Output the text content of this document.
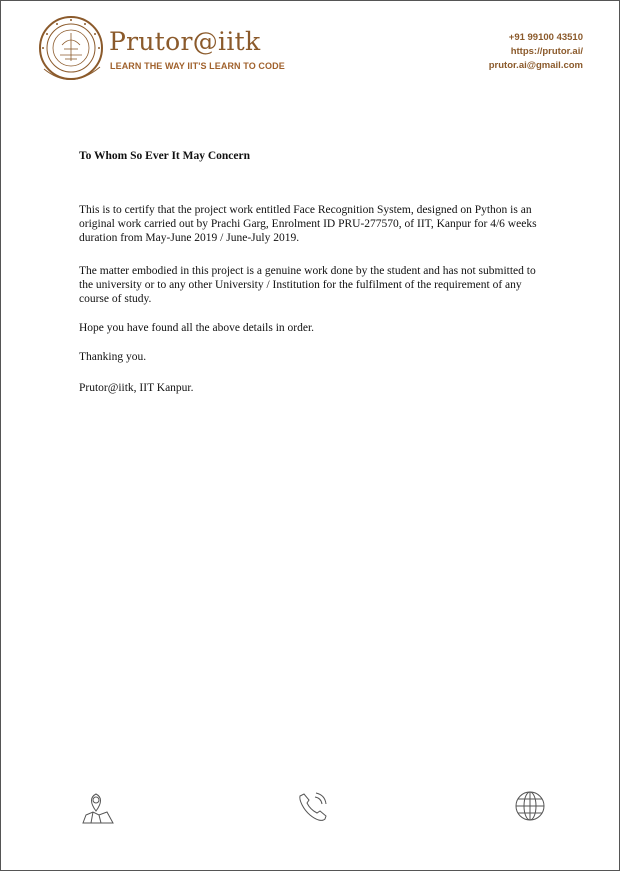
Prutor@iitk
LEARN THE WAY IIT'S LEARN TO CODE
+91 99100 43510
https://prutor.ai/
prutor.ai@gmail.com

To Whom So Ever It May Concern

This is to certify that the project work entitled Face Recognition System, designed on Python is an original work carried out by Prachi Garg, Enrolment ID PRU-277570, of IIT, Kanpur for 4/6 weeks duration from May-June 2019 / June-July 2019.

The matter embodied in this project is a genuine work done by the student and has not submitted to the university or to any other University / Institution for the fulfilment of the requirement of any course of study.

Hope you have found all the above details in order.

Thanking you.

Prutor@iitk, IIT Kanpur.
